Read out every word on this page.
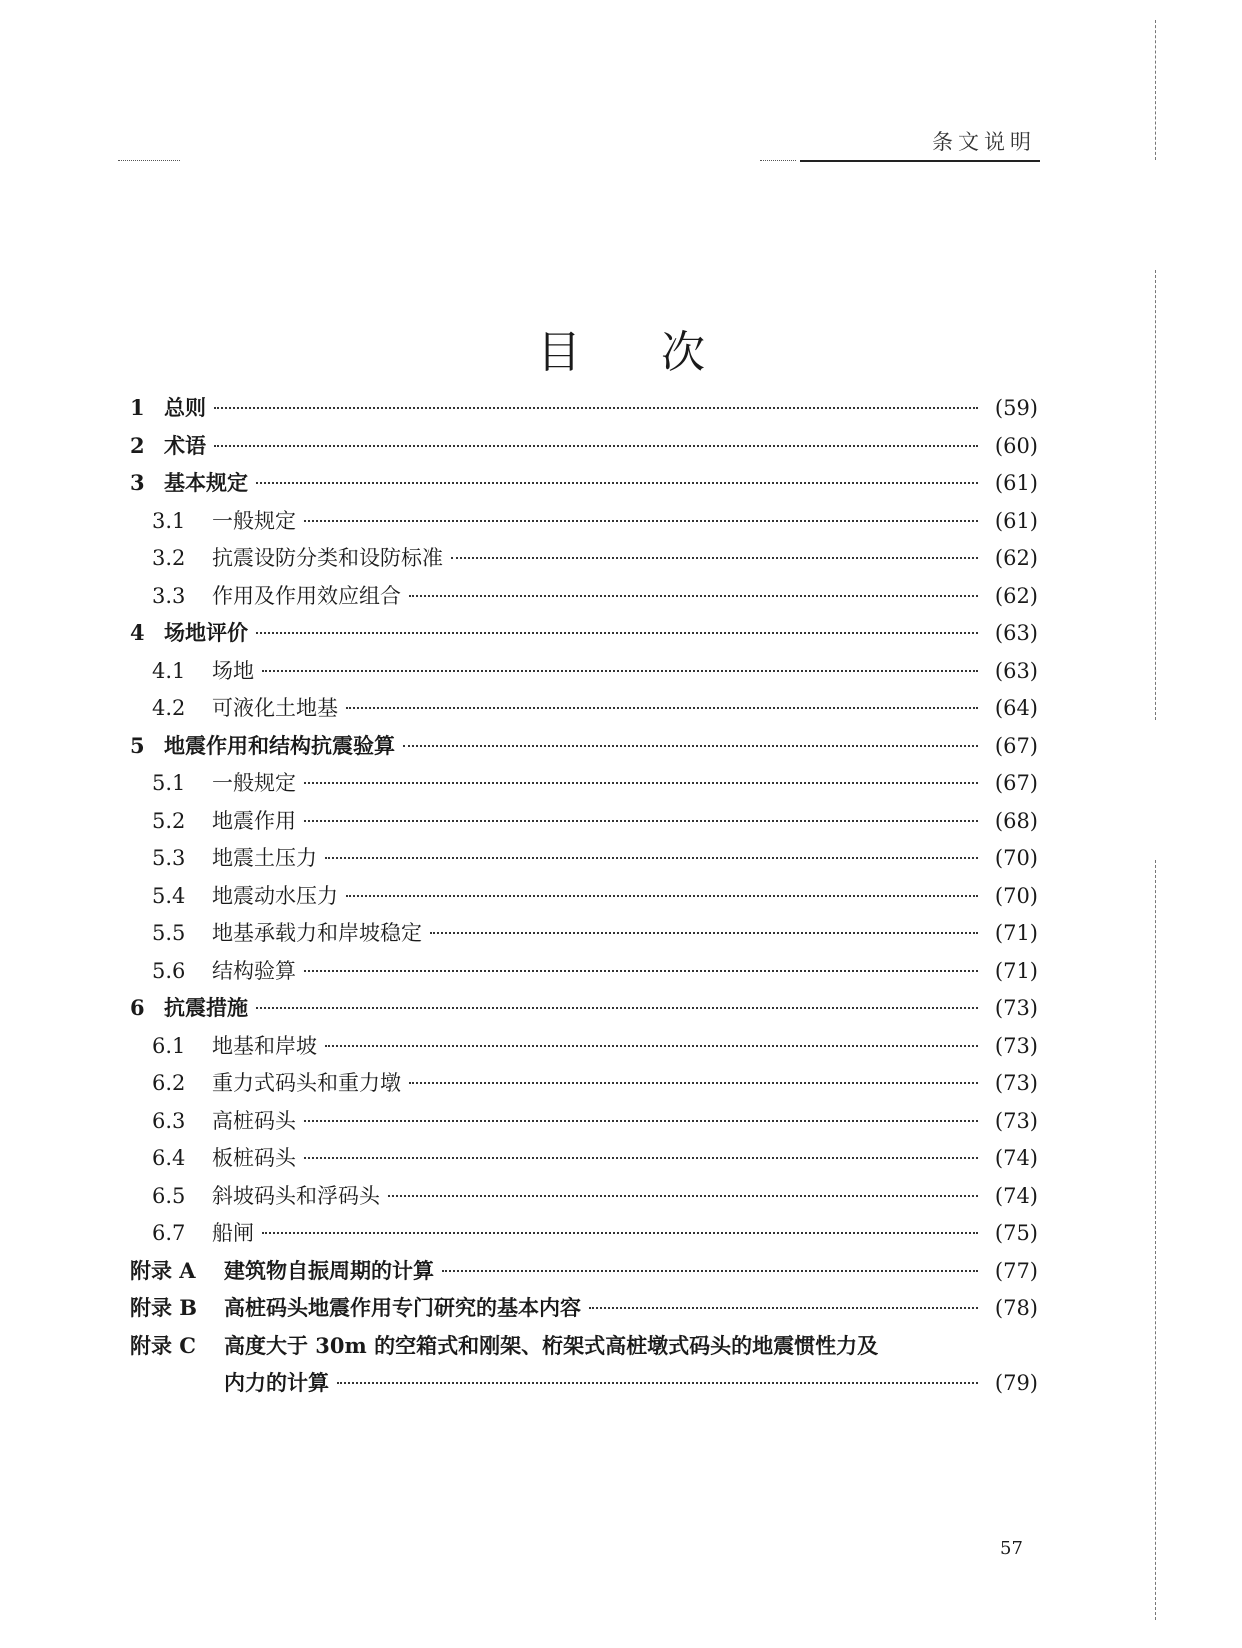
条文说明
目次
1 总则	(59)
2 术语	(60)
3 基本规定	(61)
3.1	一般规定	(61)
3.2	抗震设防分类和设防标准	(62)
3.3	作用及作用效应组合	(62)
4 场地评价	(63)
4.1	场地	(63)
4.2	可液化土地基	(64)
5 地震作用和结构抗震验算	(67)
5.1	一般规定	(67)
5.2	地震作用	(68)
5.3	地震土压力	(70)
5.4	地震动水压力	(70)
5.5	地基承载力和岸坡稳定	(71)
5.6	结构验算	(71)
6 抗震措施	(73)
6.1	地基和岸坡	(73)
6.2	重力式码头和重力墩	(73)
6.3	高桩码头	(73)
6.4	板桩码头	(74)
6.5	斜坡码头和浮码头	(74)
6.7	船闸	(75)
附录 A	建筑物自振周期的计算	(77)
附录 B	高桩码头地震作用专门研究的基本内容	(78)
附录 C	高度大于 30m 的空箱式和刚架、桁架式高桩墩式码头的地震惯性力及
内力的计算	(79)
57
